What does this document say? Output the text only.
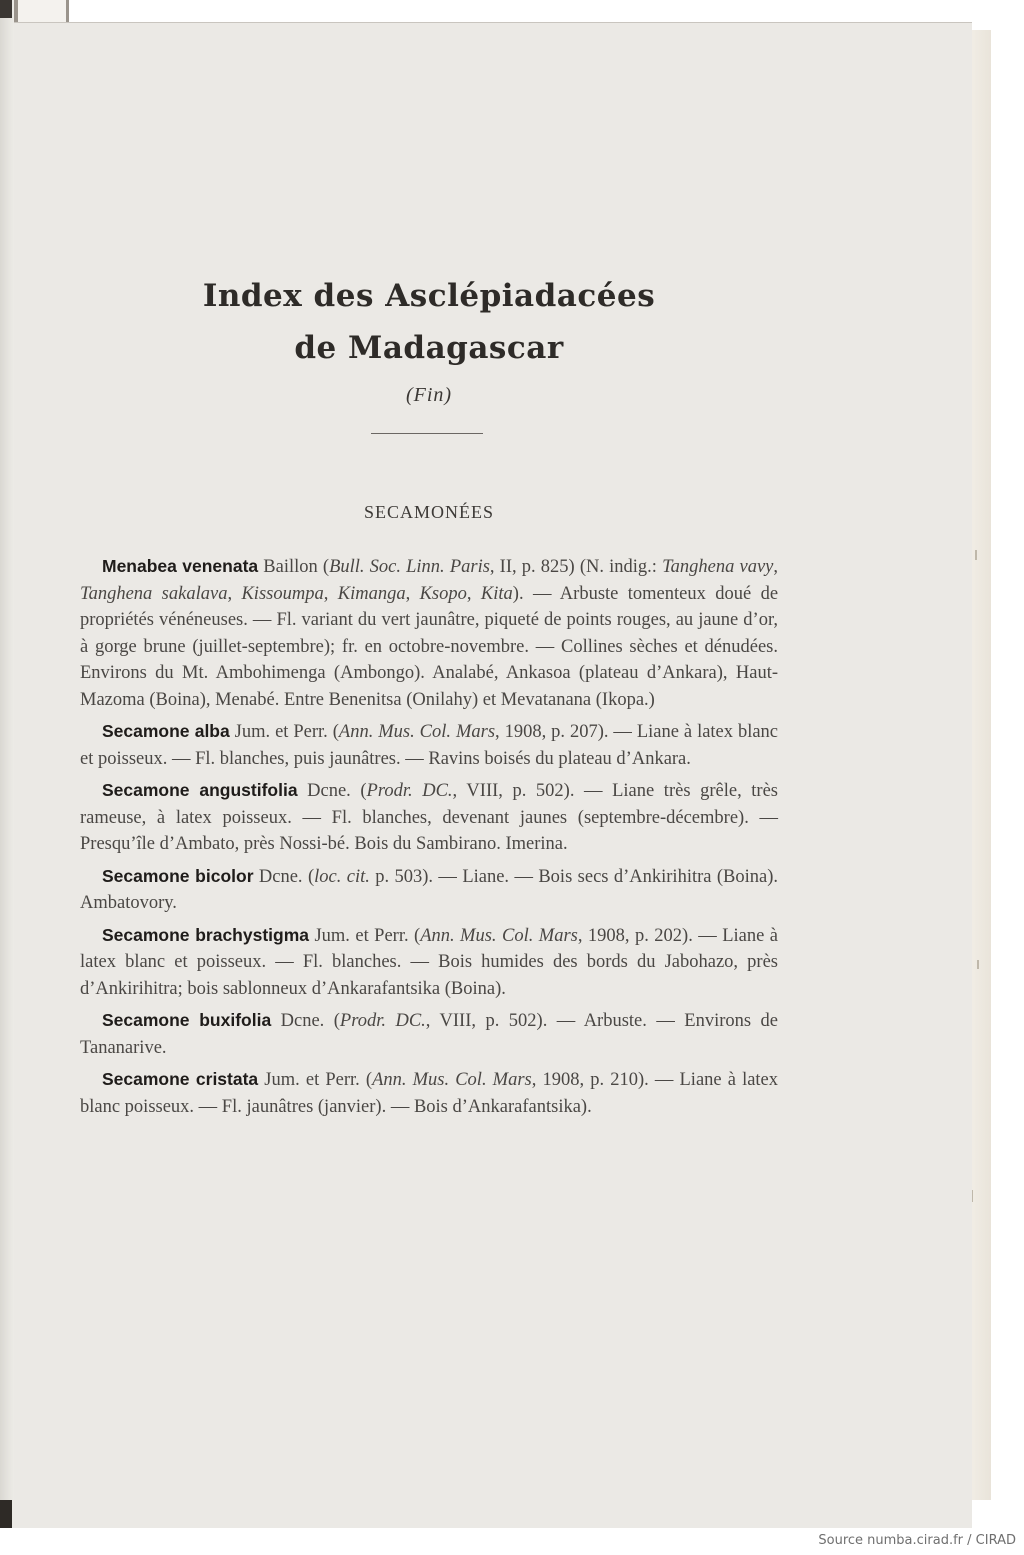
Index des Asclépiadacées
de Madagascar
(Fin)
SECAMONÉES

Menabea venenata Baillon (Bull. Soc. Linn. Paris, II, p. 825) (N. indig.: Tanghena vavy, Tanghena sakalava, Kissoumpa, Kimanga, Ksopo, Kita). — Arbuste tomenteux doué de propriétés vénéneuses. — Fl. variant du vert jaunâtre, piqueté de points rouges, au jaune d’or, à gorge brune (juillet-septembre); fr. en octobre-novembre. — Collines sèches et dénudées. Environs du Mt. Ambohimenga (Ambongo). Analabé, Ankasoa (plateau d’Ankara), Haut-Mazoma (Boina), Menabé. Entre Benenitsa (Onilahy) et Mevatanana (Ikopa.)

Secamone alba Jum. et Perr. (Ann. Mus. Col. Mars, 1908, p. 207). — Liane à latex blanc et poisseux. — Fl. blanches, puis jaunâtres. — Ravins boisés du plateau d’Ankara.

Secamone angustifolia Dcne. (Prodr. DC., VIII, p. 502). — Liane très grêle, très rameuse, à latex poisseux. — Fl. blanches, devenant jaunes (septembre-décembre). — Presqu’île d’Ambato, près Nossi-bé. Bois du Sambirano. Imerina.

Secamone bicolor Dcne. (loc. cit. p. 503). — Liane. — Bois secs d’Ankirihitra (Boina). Ambatovory.

Secamone brachystigma Jum. et Perr. (Ann. Mus. Col. Mars, 1908, p. 202). — Liane à latex blanc et poisseux. — Fl. blanches. — Bois humides des bords du Jabohazo, près d’Ankirihitra; bois sablonneux d’Ankarafantsika (Boina).

Secamone buxifolia Dcne. (Prodr. DC., VIII, p. 502). — Arbuste. — Environs de Tananarive.

Secamone cristata Jum. et Perr. (Ann. Mus. Col. Mars, 1908, p. 210). — Liane à latex blanc poisseux. — Fl. jaunâtres (janvier). — Bois d’Ankarafantsika).

Source numba.cirad.fr / CIRAD
